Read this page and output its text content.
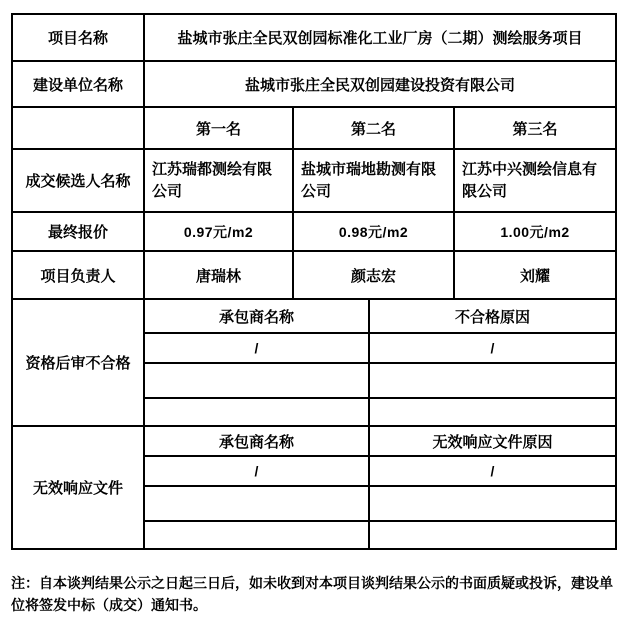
项目名称	盐城市张庄全民双创园标准化工业厂房（二期）测绘服务项目		
建设单位名称	盐城市张庄全民双创园建设投资有限公司		
	第一名	第二名	第三名
成交候选人名称	江苏瑞都测绘有限公司	盐城市瑞地勘测有限公司	江苏中兴测绘信息有限公司
最终报价	0.97元/m2	0.98元/m2	1.00元/m2
项目负责人	唐瑞林	颜志宏	刘耀
资格后审不合格	承包商名称	不合格原因
	/	/

无效响应文件	承包商名称	无效响应文件原因
	/	/

注：自本谈判结果公示之日起三日后，如未收到对本项目谈判结果公示的书面质疑或投诉，建设单位将签发中标（成交）通知书。
